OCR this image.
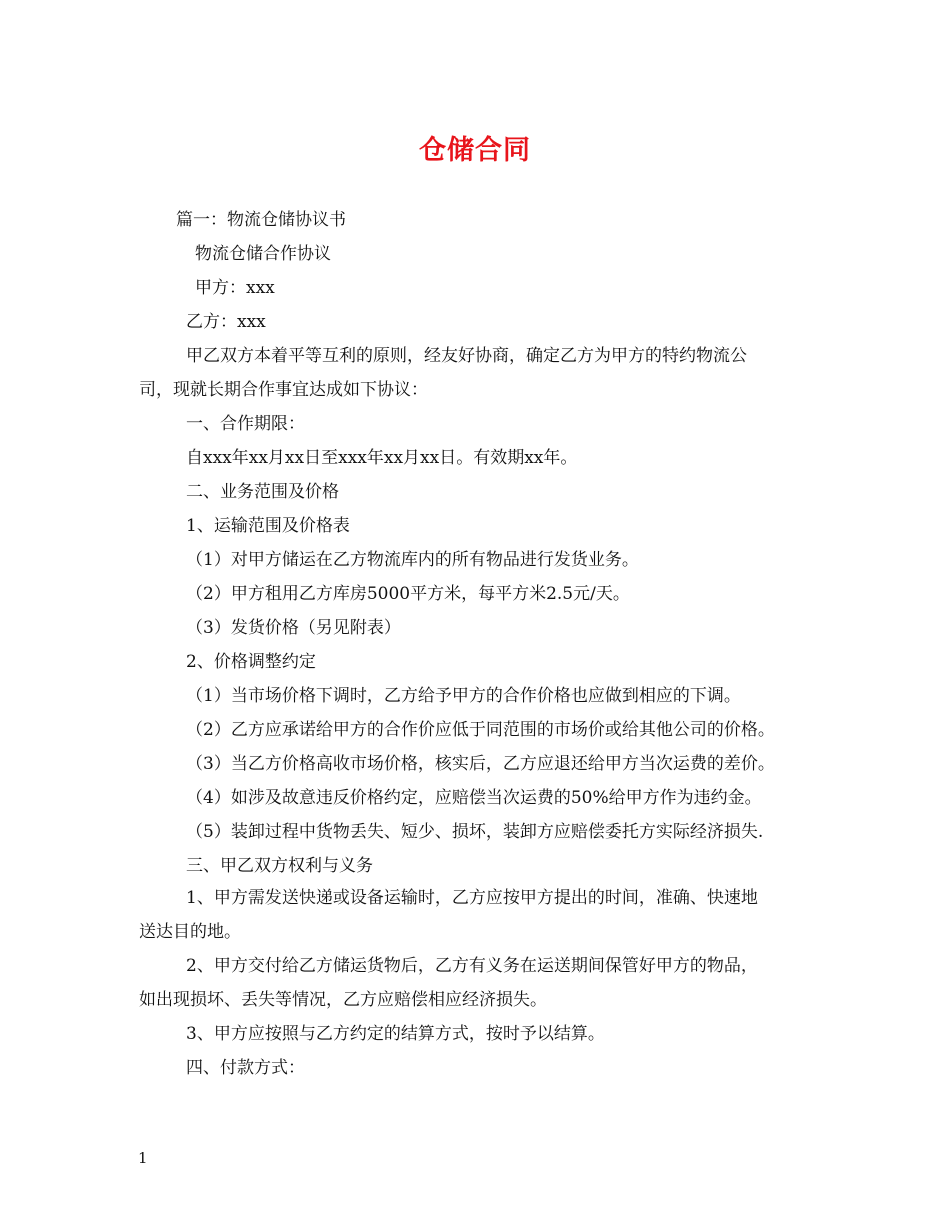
仓储合同
篇一：物流仓储协议书
物流仓储合作协议
甲方：xxx
乙方：xxx
甲乙双方本着平等互利的原则，经友好协商，确定乙方为甲方的特约物流公
司，现就长期合作事宜达成如下协议：
一、合作期限：
自xxx年xx月xx日至xxx年xx月xx日。有效期xx年。
二、业务范围及价格
1、运输范围及价格表
（1）对甲方储运在乙方物流库内的所有物品进行发货业务。
（2）甲方租用乙方库房5000平方米，每平方米2.5元/天。
（3）发货价格（另见附表）
2、价格调整约定
（1）当市场价格下调时，乙方给予甲方的合作价格也应做到相应的下调。
（2）乙方应承诺给甲方的合作价应低于同范围的市场价或给其他公司的价格。
（3）当乙方价格高收市场价格，核实后，乙方应退还给甲方当次运费的差价。
（4）如涉及故意违反价格约定，应赔偿当次运费的50%给甲方作为违约金。
（5）装卸过程中货物丢失、短少、损坏，装卸方应赔偿委托方实际经济损失.
三、甲乙双方权利与义务
1、甲方需发送快递或设备运输时，乙方应按甲方提出的时间，准确、快速地
送达目的地。
2、甲方交付给乙方储运货物后，乙方有义务在运送期间保管好甲方的物品，
如出现损坏、丢失等情况，乙方应赔偿相应经济损失。
3、甲方应按照与乙方约定的结算方式，按时予以结算。
四、付款方式：
1
